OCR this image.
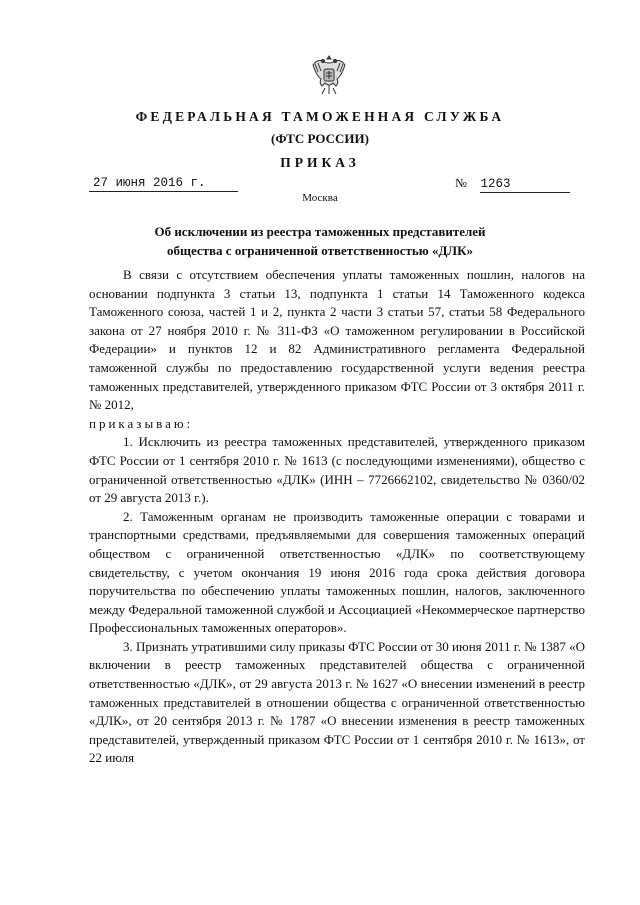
ФЕДЕРАЛЬНАЯ ТАМОЖЕННАЯ СЛУЖБА
(ФТС РОССИИ)
ПРИКАЗ
27 июня 2016 г.	№ 1263
Москва
Об исключении из реестра таможенных представителей
общества с ограниченной ответственностью «ДЛК»

В связи с отсутствием обеспечения уплаты таможенных пошлин, налогов на основании подпункта 3 статьи 13, подпункта 1 статьи 14 Таможенного кодекса Таможенного союза, частей 1 и 2, пункта 2 части 3 статьи 57, статьи 58 Федерального закона от 27 ноября 2010 г. № 311-ФЗ «О таможенном регулировании в Российской Федерации» и пунктов 12 и 82 Административного регламента Федеральной таможенной службы по предоставлению государственной услуги ведения реестра таможенных представителей, утвержденного приказом ФТС России от 3 октября 2011 г. № 2012,

приказываю:

1. Исключить из реестра таможенных представителей, утвержденного приказом ФТС России от 1 сентября 2010 г. № 1613 (с последующими изменениями), общество с ограниченной ответственностью «ДЛК» (ИНН – 7726662102, свидетельство № 0360/02 от 29 августа 2013 г.).

2. Таможенным органам не производить таможенные операции с товарами и транспортными средствами, предъявляемыми для совершения таможенных операций обществом с ограниченной ответственностью «ДЛК» по соответствующему свидетельству, с учетом окончания 19 июня 2016 года срока действия договора поручительства по обеспечению уплаты таможенных пошлин, налогов, заключенного между Федеральной таможенной службой и Ассоциацией «Некоммерческое партнерство Профессиональных таможенных операторов».

3. Признать утратившими силу приказы ФТС России от 30 июня 2011 г. № 1387 «О включении в реестр таможенных представителей общества с ограниченной ответственностью «ДЛК», от 29 августа 2013 г. № 1627 «О внесении изменений в реестр таможенных представителей в отношении общества с ограниченной ответственностью «ДЛК», от 20 сентября 2013 г. № 1787 «О внесении изменения в реестр таможенных представителей, утвержденный приказом ФТС России от 1 сентября 2010 г. № 1613», от 22 июля
